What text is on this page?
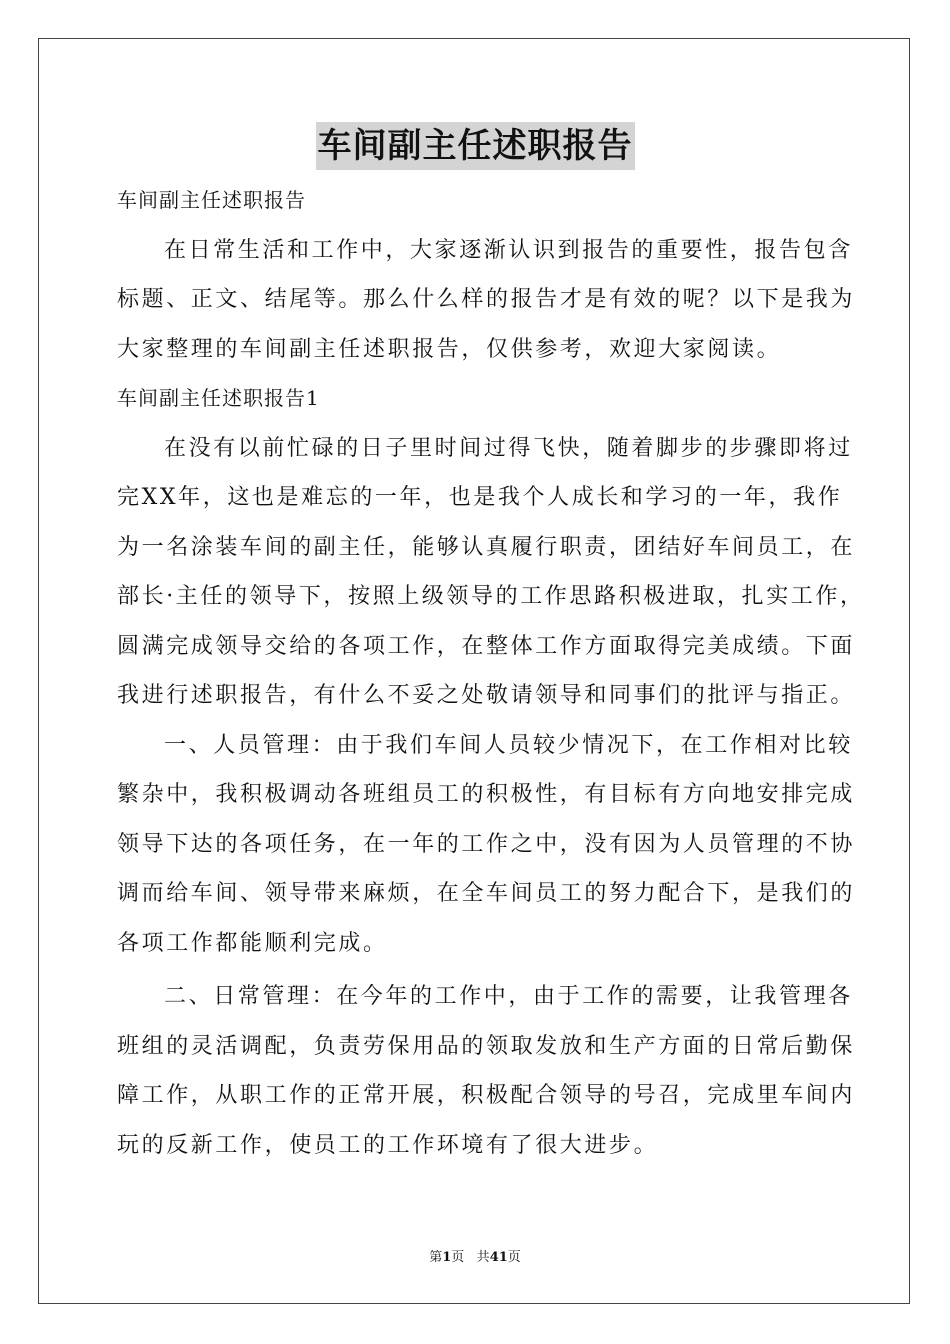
车间副主任述职报告
车间副主任述职报告
在日常生活和工作中，大家逐渐认识到报告的重要性，报告包含
标题、正文、结尾等。那么什么样的报告才是有效的呢？以下是我为
大家整理的车间副主任述职报告，仅供参考，欢迎大家阅读。
车间副主任述职报告1
在没有以前忙碌的日子里时间过得飞快，随着脚步的步骤即将过
完XX年，这也是难忘的一年，也是我个人成长和学习的一年，我作
为一名涂装车间的副主任，能够认真履行职责，团结好车间员工，在
部长·主任的领导下，按照上级领导的工作思路积极进取，扎实工作，
圆满完成领导交给的各项工作，在整体工作方面取得完美成绩。下面
我进行述职报告，有什么不妥之处敬请领导和同事们的批评与指正。
一、人员管理：由于我们车间人员较少情况下，在工作相对比较
繁杂中，我积极调动各班组员工的积极性，有目标有方向地安排完成
领导下达的各项任务，在一年的工作之中，没有因为人员管理的不协
调而给车间、领导带来麻烦，在全车间员工的努力配合下，是我们的
各项工作都能顺利完成。
二、日常管理：在今年的工作中，由于工作的需要，让我管理各
班组的灵活调配，负责劳保用品的领取发放和生产方面的日常后勤保
障工作，从职工作的正常开展，积极配合领导的号召，完成里车间内
玩的反新工作，使员工的工作环境有了很大进步。
第1页 共41页
